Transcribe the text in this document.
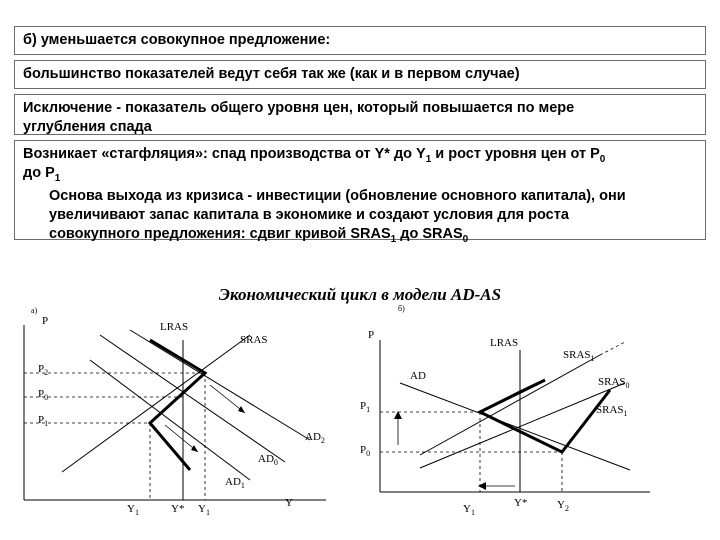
б) уменьшается совокупное предложение:
большинство показателей ведут себя так же (как и в первом случае)
Исключение - показатель общего уровня цен, который повышается по мере
углубления спада
Возникает «стагфляция»: спад производства от Y* до $Y_1$ и рост уровня цен от $P_0$
до $P_1$
Основа выхода из кризиса - инвестиции (обновление основного капитала), они
увеличивают запас капитала в экономике и создают условия для роста
совокупного предложения: сдвиг кривой $SRAS_1$ до $SRAS_0$
Экономический цикл в модели AD-AS
а)
P	LRAS
SRAS
$P_2$
$P_0$
$P_1$
$AD_2$
$AD_0$
$AD_1$
$Y_1$	Y* $Y_1$
Y
б)
P
LRAS
$SRAS_1$
AD	$SRAS_0$
$P_1$	$SRAS_1$
$P_0$
$Y_1$
Y*	$Y_2$
